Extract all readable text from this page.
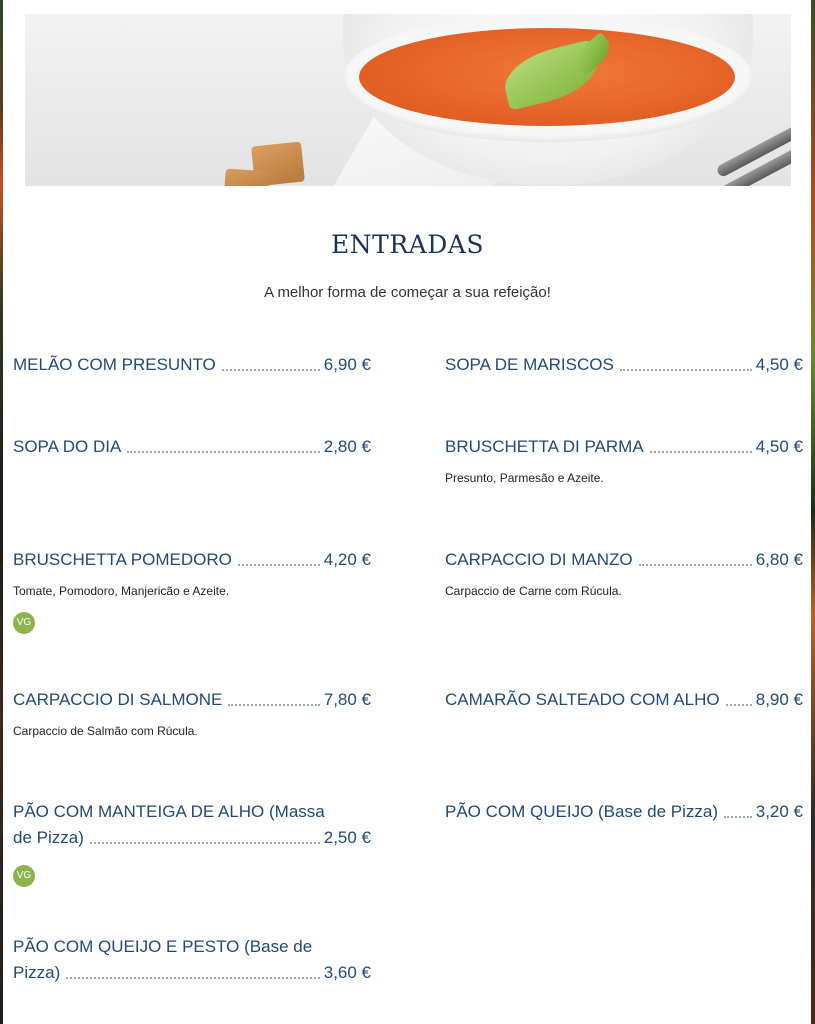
ENTRADAS
A melhor forma de começar a sua refeição!
MELÃO COM PRESUNTO	6,90 €	SOPA DE MARISCOS	4,50 €
SOPA DO DIA	2,80 €	BRUSCHETTA DI PARMA	4,50 €
Presunto, Parmesão e Azeite.
BRUSCHETTA POMEDORO	4,20 €
Tomate, Pomodoro, Manjericão e Azeite.
VG
CARPACCIO DI MANZO	6,80 €
Carpaccio de Carne com Rúcula.
CARPACCIO DI SALMONE	7,80 €
Carpaccio de Salmão com Rúcula.
CAMARÃO SALTEADO COM ALHO 8,90 €
PÃO COM MANTEIGA DE ALHO (Massa
de Pizza)	2,50 €
VG
PÃO COM QUEIJO (Base de Pizza) 3,20 €
PÃO COM QUEIJO E PESTO (Base de
Pizza)	3,60 €
